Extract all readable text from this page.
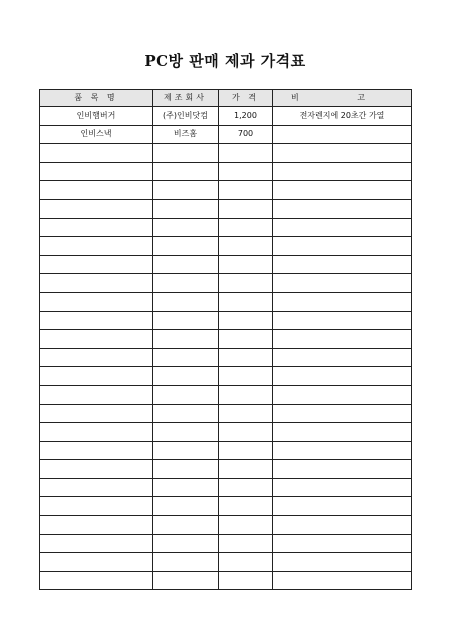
PC방 판매 제과 가격표
품 목 명	제조회사	가 격	비 고
인비햄버거	(주)인비닷컴	1,200	전자렌지에 20초간 가열
인비스낵	비즈홈	700	
